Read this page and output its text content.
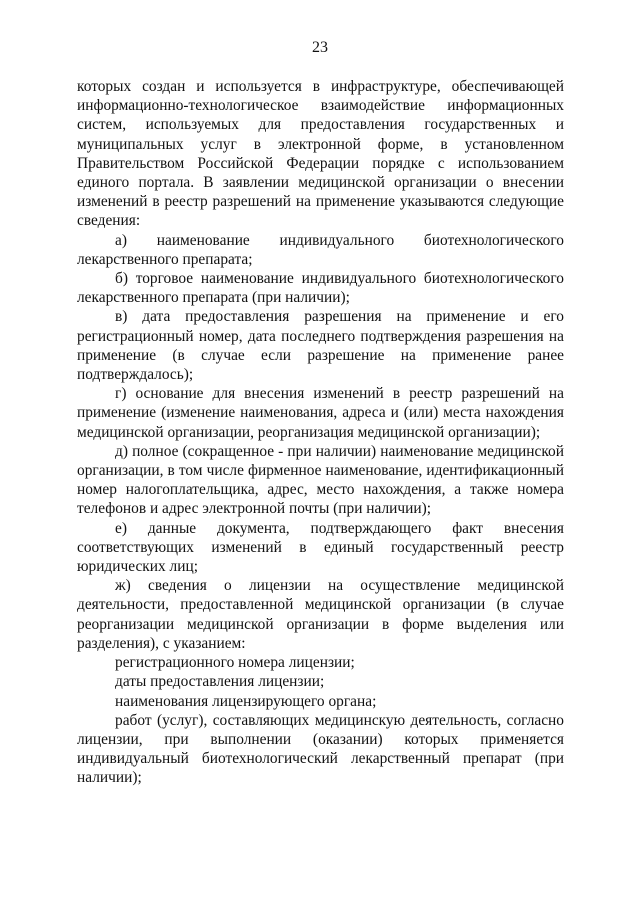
23

которых создан и используется в инфраструктуре, обеспечивающей информационно-технологическое взаимодействие информационных систем, используемых для предоставления государственных и муниципальных услуг в электронной форме, в установленном Правительством Российской Федерации порядке с использованием единого портала. В заявлении медицинской организации о внесении изменений в реестр разрешений на применение указываются следующие сведения:

а) наименование индивидуального биотехнологического лекарственного препарата;

б) торговое наименование индивидуального биотехнологического лекарственного препарата (при наличии);

в) дата предоставления разрешения на применение и его регистрационный номер, дата последнего подтверждения разрешения на применение (в случае если разрешение на применение ранее подтверждалось);

г) основание для внесения изменений в реестр разрешений на применение (изменение наименования, адреса и (или) места нахождения медицинской организации, реорганизация медицинской организации);

д) полное (сокращенное - при наличии) наименование медицинской организации, в том числе фирменное наименование, идентификационный номер налогоплательщика, адрес, место нахождения, а также номера телефонов и адрес электронной почты (при наличии);

е) данные документа, подтверждающего факт внесения соответствующих изменений в единый государственный реестр юридических лиц;

ж) сведения о лицензии на осуществление медицинской деятельности, предоставленной медицинской организации (в случае реорганизации медицинской организации в форме выделения или разделения), с указанием:

регистрационного номера лицензии;

даты предоставления лицензии;

наименования лицензирующего органа;

работ (услуг), составляющих медицинскую деятельность, согласно лицензии, при выполнении (оказании) которых применяется индивидуальный биотехнологический лекарственный препарат (при наличии);
